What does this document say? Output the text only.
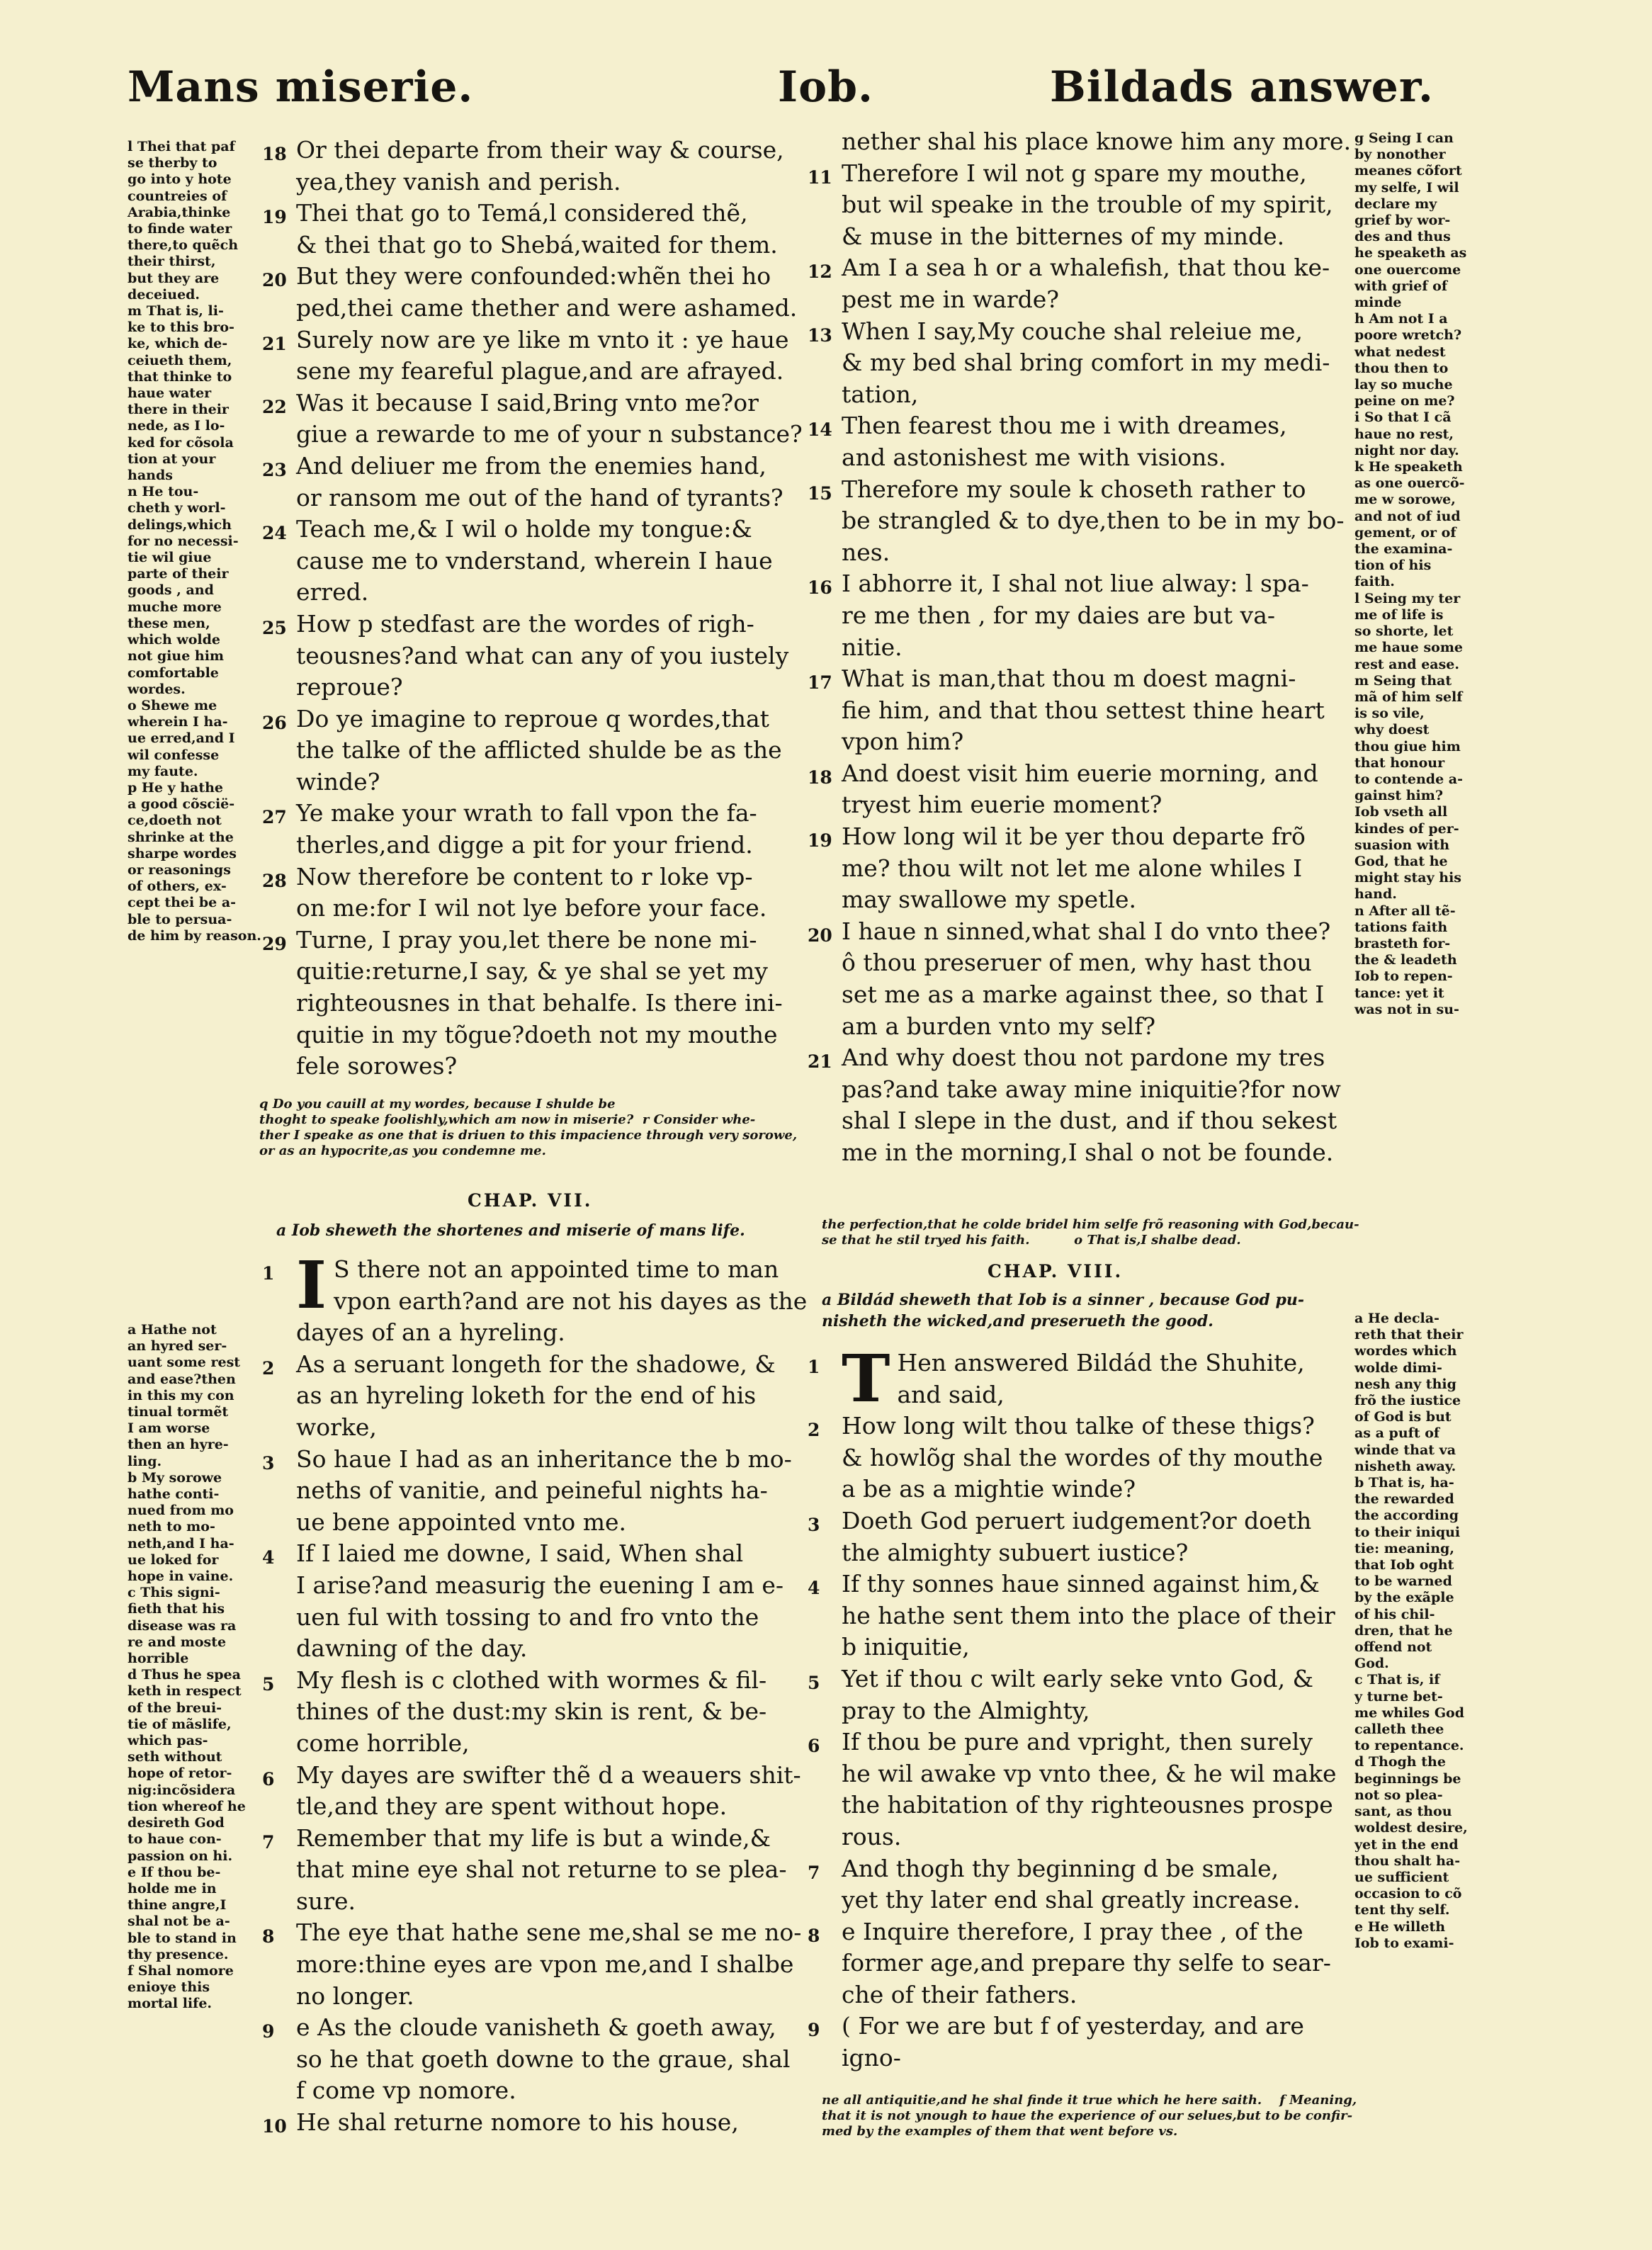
Mans miserie.	Iob.	Bildads answer.
l Thei that paf
se therby to
go into y hote
countreies of
Arabia,thinke
to finde water
there,to quẽch
their thirst,
but they are
deceiued.
m That is, li-
ke to this bro-
ke, which de-
ceiueth them,
that thinke to
haue water
there in their
nede, as I lo-
ked for cõsola
tion at your
hands
n He tou-
cheth y worl-
delings,which
for no necessi-
tie wil giue
parte of their
goods , and
muche more
these men,
which wolde
not giue him
comfortable
wordes.
o Shewe me
wherein I ha-
ue erred,and I
wil confesse
my faute.
p He y hathe
a good cõscië-
ce,doeth not
shrinke at the
sharpe wordes
or reasonings
of others, ex-
cept thei be a-
ble to persua-
de him by reason.
a Hathe not
an hyred ser-
uant some rest
and ease?then
in this my con
tinual tormẽt
I am worse
then an hyre-
ling.
b My sorowe
hathe conti-
nued from mo
neth to mo-
neth,and I ha-
ue loked for
hope in vaine.
c This signi-
fieth that his
disease was ra
re and moste
horrible
d Thus he spea
keth in respect
of the breui-
tie of mãslife,
which pas-
seth without
hope of retor-
nig:incõsidera
tion whereof he
desireth God
to haue con-
passion on hi.
e If thou be-
holde me in
thine angre,I
shal not be a-
ble to stand in
thy presence.
f Shal nomore
enioye this
mortal life.
g Seing I can
by nonother
meanes cõfort
my selfe, I wil
declare my
grief by wor-
des and thus
he speaketh as
one ouercome
with grief of
minde
h Am not I a
poore wretch?
what nedest
thou then to
lay so muche
peine on me?
i So that I cã
haue no rest,
night nor day.
k He speaketh
as one ouercõ-
me w sorowe,
and not of iud
gement, or of
the examina-
tion of his
faith.
l Seing my ter
me of life is
so shorte, let
me haue some
rest and ease.
m Seing that
mã of him self
is so vile,
why doest
thou giue him
that honour
to contende a-
gainst him?
Iob vseth all
kindes of per-
suasion with
God, that he
might stay his
hand.
n After all tẽ-
tations faith
brasteth for-
the & leadeth
Iob to repen-
tance: yet it
was not in su-
a He decla-
reth that their
wordes which
wolde dimi-
nesh any thig
frõ the iustice
of God is but
as a puft of
winde that va
nisheth away.
b That is, ha-
the rewarded
the according
to their iniqui
tie: meaning,
that Iob oght
to be warned
by the exãple
of his chil-
dren, that he
offend not
God.
c That is, if
y turne bet-
me whiles God
calleth thee
to repentance.
d Thogh the
beginnings be
not so plea-
sant, as thou
woldest desire,
yet in the end
thou shalt ha-
ue sufficient
occasion to cõ
tent thy self.
e He willeth
Iob to exami-
18 Or thei departe from their way & course,
yea,they vanish and perish.
19 Thei that go to Temá,l considered thẽ,
& thei that go to Shebá,waited for them.
20 But they were confounded:whẽn thei ho
ped,thei came thether and were ashamed.
21 Surely now are ye like m vnto it : ye haue
sene my feareful plague,and are afrayed.
22 Was it because I said,Bring vnto me?or
giue a rewarde to me of your n substance?
23 And deliuer me from the enemies hand,
or ransom me out of the hand of tyrants?
24 Teach me,& I wil o holde my tongue:&
cause me to vnderstand, wherein I haue
erred.
25 How p stedfast are the wordes of righ-
teousnes?and what can any of you iustely
reproue?
26 Do ye imagine to reproue q wordes,that
the talke of the afflicted shulde be as the
winde?
27 Ye make your wrath to fall vpon the fa-
therles,and digge a pit for your friend.
28 Now therefore be content to r loke vp-
on me:for I wil not lye before your face.
29 Turne, I pray you,let there be none mi-
quitie:returne,I say, & ye shal se yet my
righteousnes in that behalfe. Is there ini-
quitie in my tõgue?doeth not my mouthe
fele sorowes?
q Do you cauill at my wordes, because I shulde be
thoght to speake foolishly,which am now in miserie?  r Consider whe-
ther I speake as one that is driuen to this impacience through very sorowe,
or as an hypocrite,as you condemne me.
CHAP. VII.
a Iob sheweth the shortenes and miserie of mans life.
1 I S there not an appointed time to man
vpon earth?and are not his dayes as the
dayes of an a hyreling.
2 As a seruant longeth for the shadowe, &
as an hyreling loketh for the end of his
worke,
3 So haue I had as an inheritance the b mo-
neths of vanitie, and peineful nights ha-
ue bene appointed vnto me.
4 If I laied me downe, I said, When shal
I arise?and measurig the euening I am e-
uen ful with tossing to and fro vnto the
dawning of the day.
5 My flesh is c clothed with wormes & fil-
thines of the dust:my skin is rent, & be-
come horrible,
6 My dayes are swifter thẽ d a weauers shit-
tle,and they are spent without hope.
7 Remember that my life is but a winde,&
that mine eye shal not returne to se plea-
sure.
8 The eye that hathe sene me,shal se me no-
more:thine eyes are vpon me,and I shalbe
no longer.
9 e As the cloude vanisheth & goeth away,
so he that goeth downe to the graue, shal
f come vp nomore.
10 He shal returne nomore to his house,
nether shal his place knowe him any more.
11 Therefore I wil not g spare my mouthe,
but wil speake in the trouble of my spirit,
& muse in the bitternes of my minde.
12 Am I a sea h or a whalefish, that thou ke-
pest me in warde?
13 When I say,My couche shal releiue me,
& my bed shal bring comfort in my medi-
tation,
14 Then fearest thou me i with dreames,
and astonishest me with visions.
15 Therefore my soule k choseth rather to
be strangled & to dye,then to be in my bo-
nes.
16 I abhorre it, I shal not liue alway: l spa-
re me then , for my daies are but va-
nitie.
17 What is man,that thou m doest magni-
fie him, and that thou settest thine heart
vpon him?
18 And doest visit him euerie morning, and
tryest him euerie moment?
19 How long wil it be yer thou departe frõ
me? thou wilt not let me alone whiles I
may swallowe my spetle.
20 I haue n sinned,what shal I do vnto thee?
ô thou preseruer of men, why hast thou
set me as a marke against thee, so that I
am a burden vnto my self?
21 And why doest thou not pardone my tres
pas?and take away mine iniquitie?for now
shal I slepe in the dust, and if thou sekest
me in the morning,I shal o not be founde.
the perfection,that he colde bridel him selfe frõ reasoning with God,becau-
se that he stil tryed his faith.          o That is,I shalbe dead.
CHAP. VIII.
a Bildád sheweth that Iob is a sinner , because God pu-
nisheth the wicked,and preserueth the good.
1 T Hen answered Bildád the Shuhite,
and said,
2 How long wilt thou talke of these thigs?
& howlõg shal the wordes of thy mouthe
a be as a mightie winde?
3 Doeth God peruert iudgement?or doeth
the almighty subuert iustice?
4 If thy sonnes haue sinned against him,&
he hathe sent them into the place of their
b iniquitie,
5 Yet if thou c wilt early seke vnto God, &
pray to the Almighty,
6 If thou be pure and vpright, then surely
he wil awake vp vnto thee, & he wil make
the habitation of thy righteousnes prospe
rous.
7 And thogh thy beginning d be smale,
yet thy later end shal greatly increase.
8 e Inquire therefore, I pray thee , of the
former age,and prepare thy selfe to sear-
che of their fathers.
9 ( For we are but f of yesterday, and are
igno-
ne all antiquitie,and he shal finde it true which he here saith.    f Meaning,
that it is not ynough to haue the experience of our selues,but to be confir-
med by the examples of them that went before vs.
